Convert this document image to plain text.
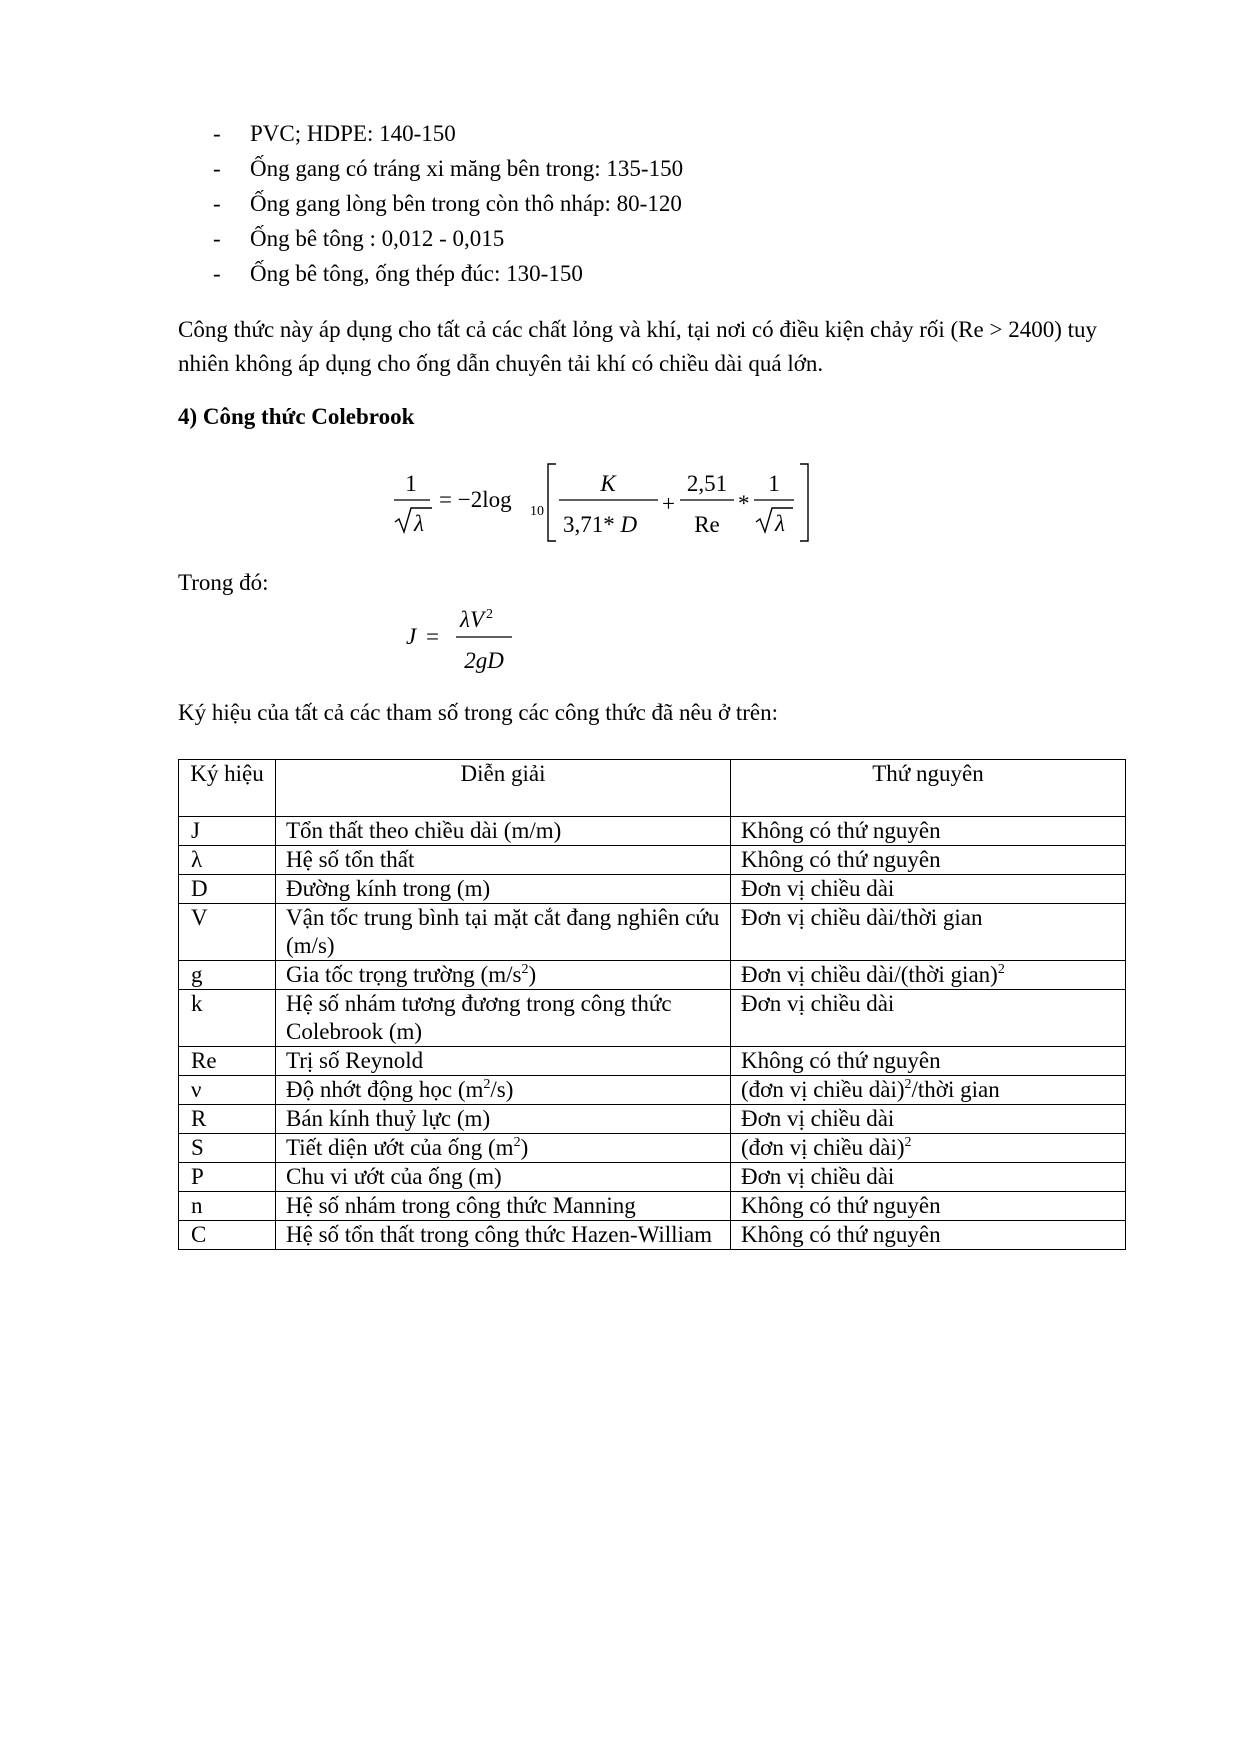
- PVC; HDPE: 140-150
- Ống gang có tráng xi măng bên trong: 135-150
- Ống gang lòng bên trong còn thô nháp: 80-120
- Ống bê tông : 0,012 - 0,015
- Ống bê tông, ống thép đúc: 130-150

Công thức này áp dụng cho tất cả các chất lỏng và khí, tại nơi có điều kiện chảy rối (Re > 2400) tuy nhiên không áp dụng cho ống dẫn chuyên tải khí có chiều dài quá lớn.

4) Công thức Colebrook

1
λ
= −2log 10
K
3,71* D
+
2,51
Re
*
1
λ

Trong đó:

J =
λV $^2$
2gD

Ký hiệu của tất cả các tham số trong các công thức đã nêu ở trên:

Ký hiệu	Diễn giải	Thứ nguyên
J	Tổn thất theo chiều dài (m/m)	Không có thứ nguyên
λ	Hệ số tổn thất	Không có thứ nguyên
D	Đường kính trong (m)	Đơn vị chiều dài
V	Vận tốc trung bình tại mặt cắt đang nghiên cứu (m/s)	Đơn vị chiều dài/thời gian
g	Gia tốc trọng trường $(m/s^2)$	Đơn vị chiều dài/(thời gian)$^2$
k	Hệ số nhám tương đương trong công thức Colebrook (m)	Đơn vị chiều dài
Re	Trị số Reynold	Không có thứ nguyên
ν	Độ nhớt động học $(m^2/s)$	(đơn vị chiều dài)$^2$/thời gian
R	Bán kính thuỷ lực (m)	Đơn vị chiều dài
S	Tiết diện ướt của ống $(m^2)$	(đơn vị chiều dài)$^2$
P	Chu vi ướt của ống (m)	Đơn vị chiều dài
n	Hệ số nhám trong công thức Manning	Không có thứ nguyên
C	Hệ số tổn thất trong công thức Hazen-William	Không có thứ nguyên
